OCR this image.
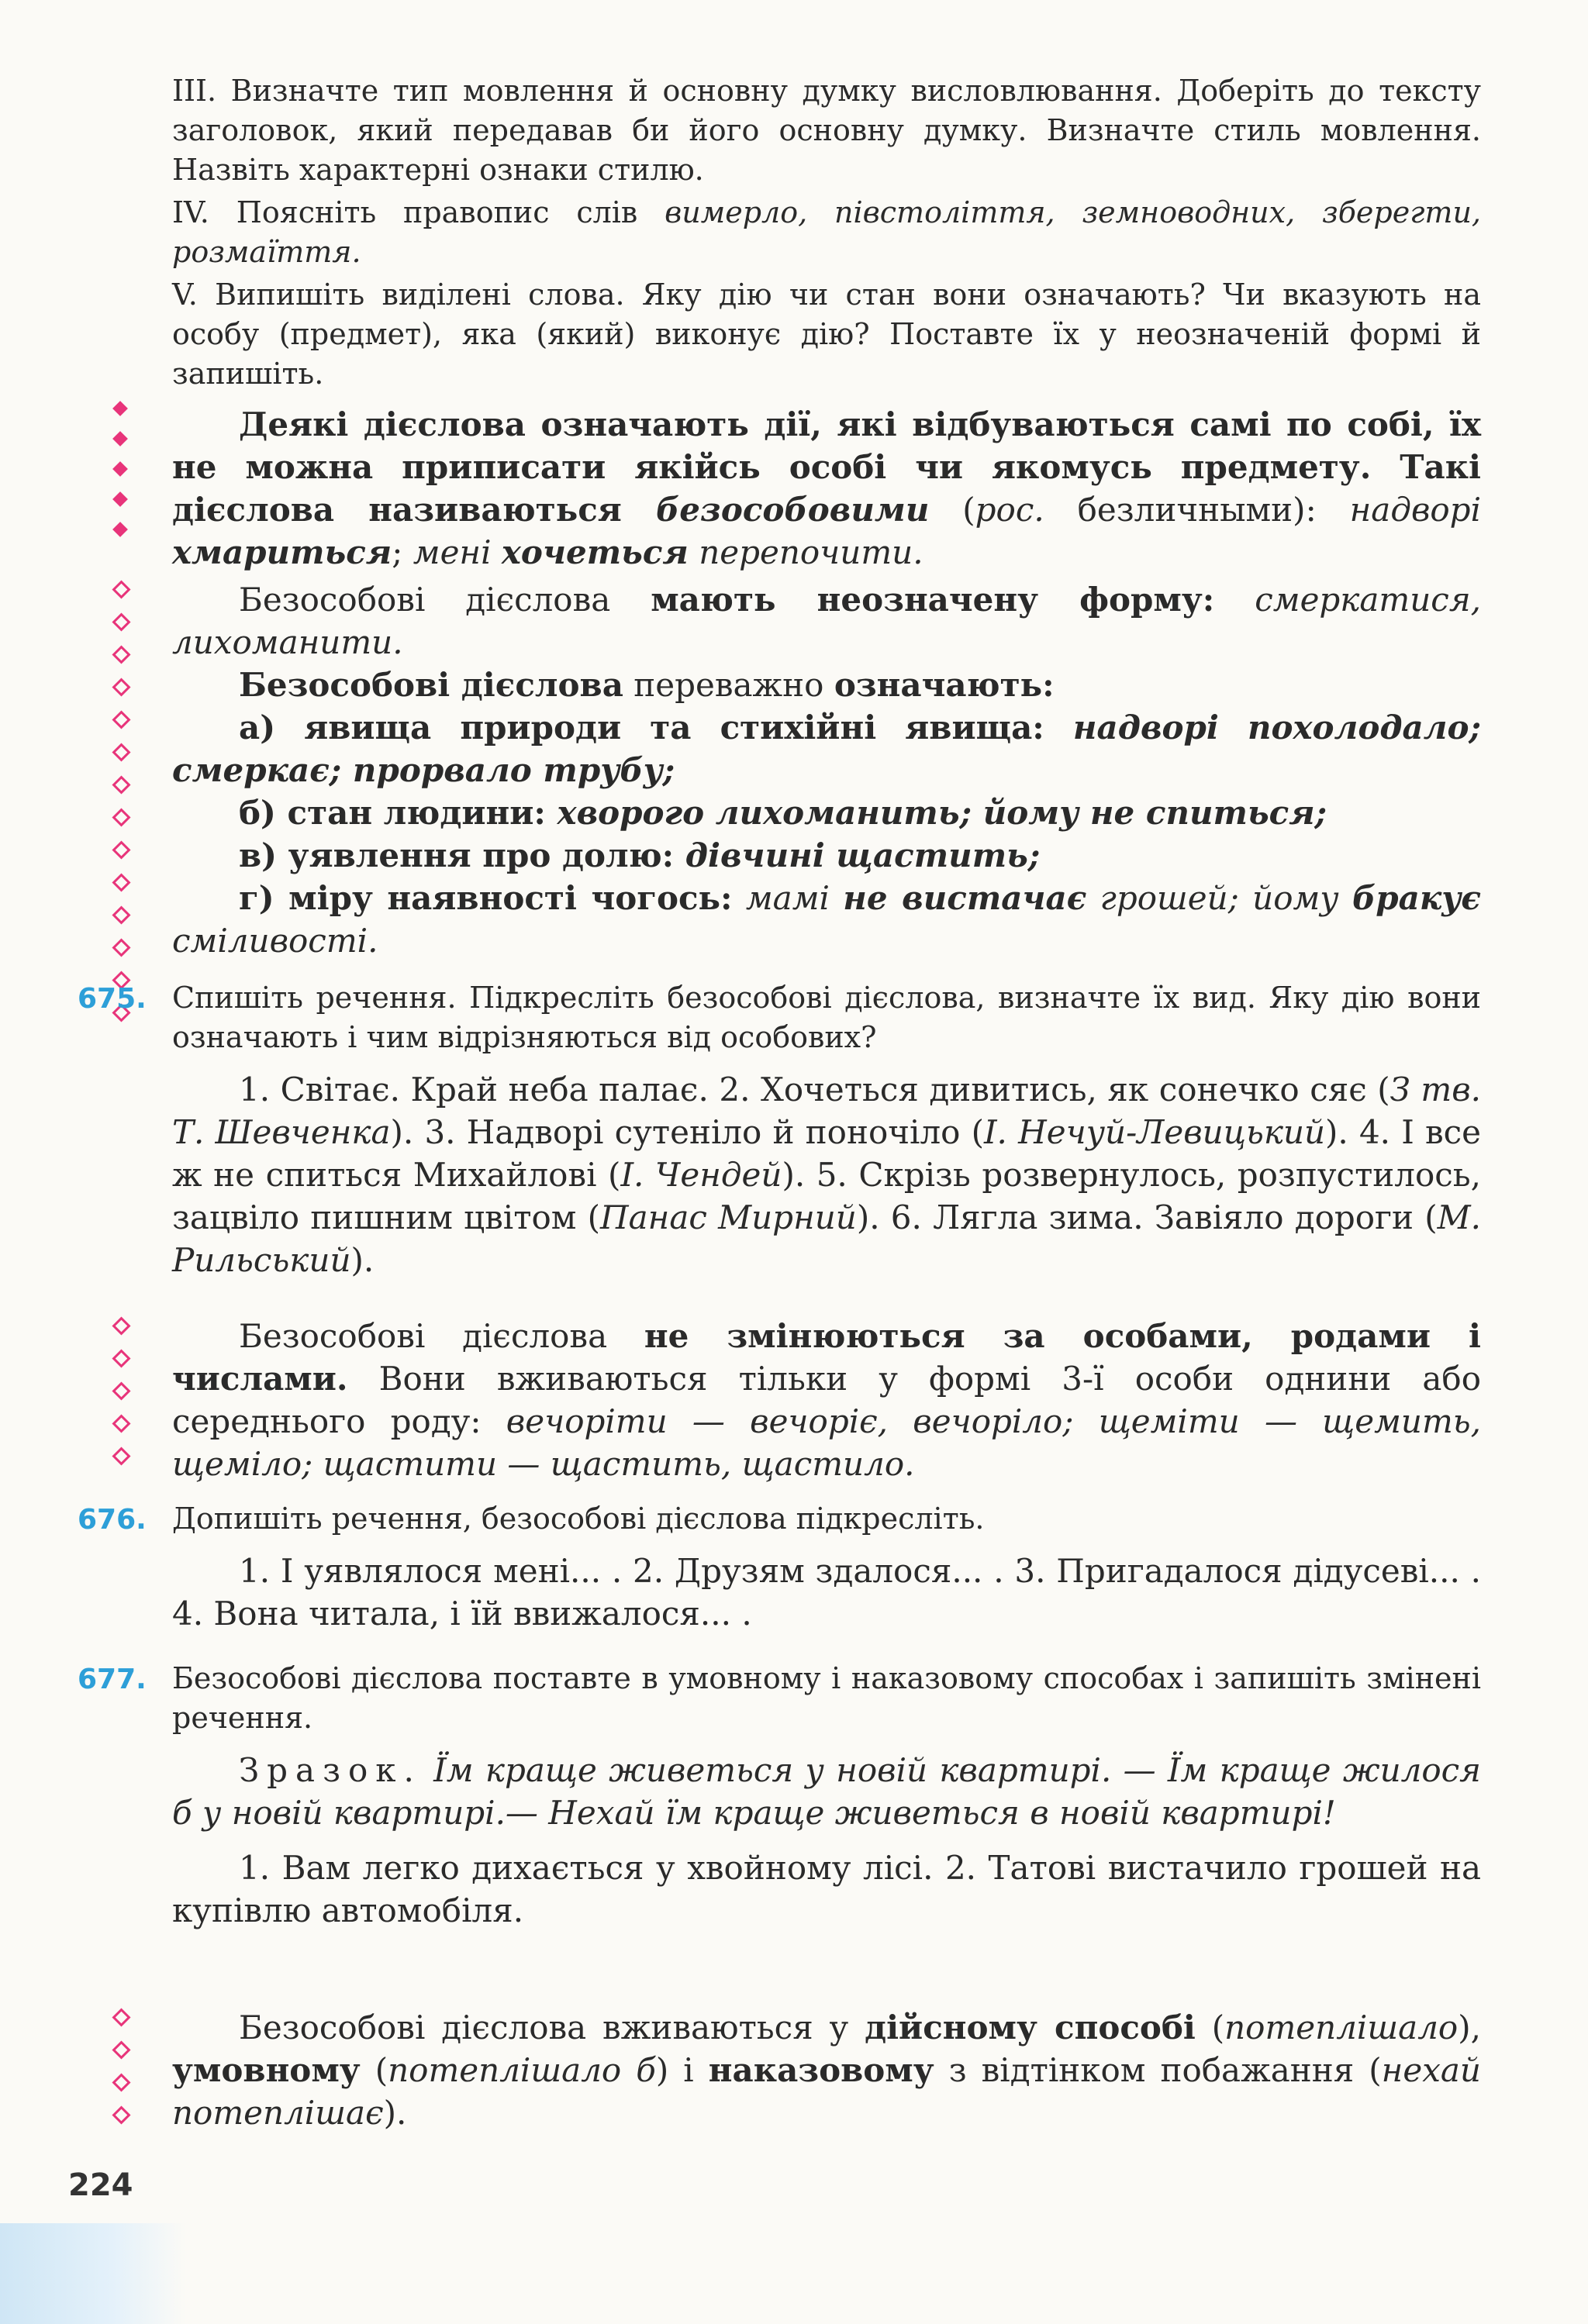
III. Визначте тип мовлення й основну думку висловлювання. Доберіть до тексту заголовок, який передавав би його основну думку. Визначте стиль мовлення. Назвіть характерні ознаки стилю.

IV. Поясніть правопис слів вимерло, півстоліття, земноводних, зберегти, розмаїття.

V. Випишіть виділені слова. Яку дію чи стан вони означають? Чи вказують на особу (предмет), яка (який) виконує дію? Поставте їх у неозначеній формі й запишіть.

Деякі дієслова означають дії, які відбуваються самі по собі, їх не можна приписати якійсь особі чи якомусь предмету. Такі дієслова називаються безособовими (рос. безличными): надворі хмариться; мені хочеться перепочити.

Безособові дієслова мають неозначену форму: смеркатися, лихоманити.

Безособові дієслова переважно означають:

а) явища природи та стихійні явища: надворі похолодало; смеркає; прорвало трубу;

б) стан людини: хворого лихоманить; йому не спиться;

в) уявлення про долю: дівчині щастить;

г) міру наявності чогось: мамі не вистачає грошей; йому бракує сміливості.

675. Спишіть речення. Підкресліть безособові дієслова, визначте їх вид. Яку дію вони означають і чим відрізняються від особових?

1. Світає. Край неба палає. 2. Хочеться дивитись, як сонечко сяє (З тв. Т. Шевченка). 3. Надворі сутеніло й поночіло (І. Нечуй-Левицький). 4. І все ж не спиться Михайлові (І. Чендей). 5. Скрізь розвернулось, розпустилось, зацвіло пишним цвітом (Панас Мирний). 6. Лягла зима. Завіяло дороги (М. Рильський).

Безособові дієслова не змінюються за особами, родами і числами. Вони вживаються тільки у формі 3-ї особи однини або середнього роду: вечоріти — вечоріє, вечоріло; щеміти — щемить, щеміло; щастити — щастить, щастило.

676. Допишіть речення, безособові дієслова підкресліть.

1. І уявлялося мені... . 2. Друзям здалося... . 3. Пригадалося дідусеві... . 4. Вона читала, і їй ввижалося... .

677. Безособові дієслова поставте в умовному і наказовому способах і запишіть змінені речення.

Зразок. Їм краще живеться у новій квартирі. — Їм краще жилося б у новій квартирі.— Нехай їм краще живеться в новій квартирі!

1. Вам легко дихається у хвойному лісі. 2. Татові вистачило грошей на купівлю автомобіля.

Безособові дієслова вживаються у дійсному способі (потеплішало), умовному (потеплішало б) і наказовому з відтінком побажання (нехай потеплішає).

224
